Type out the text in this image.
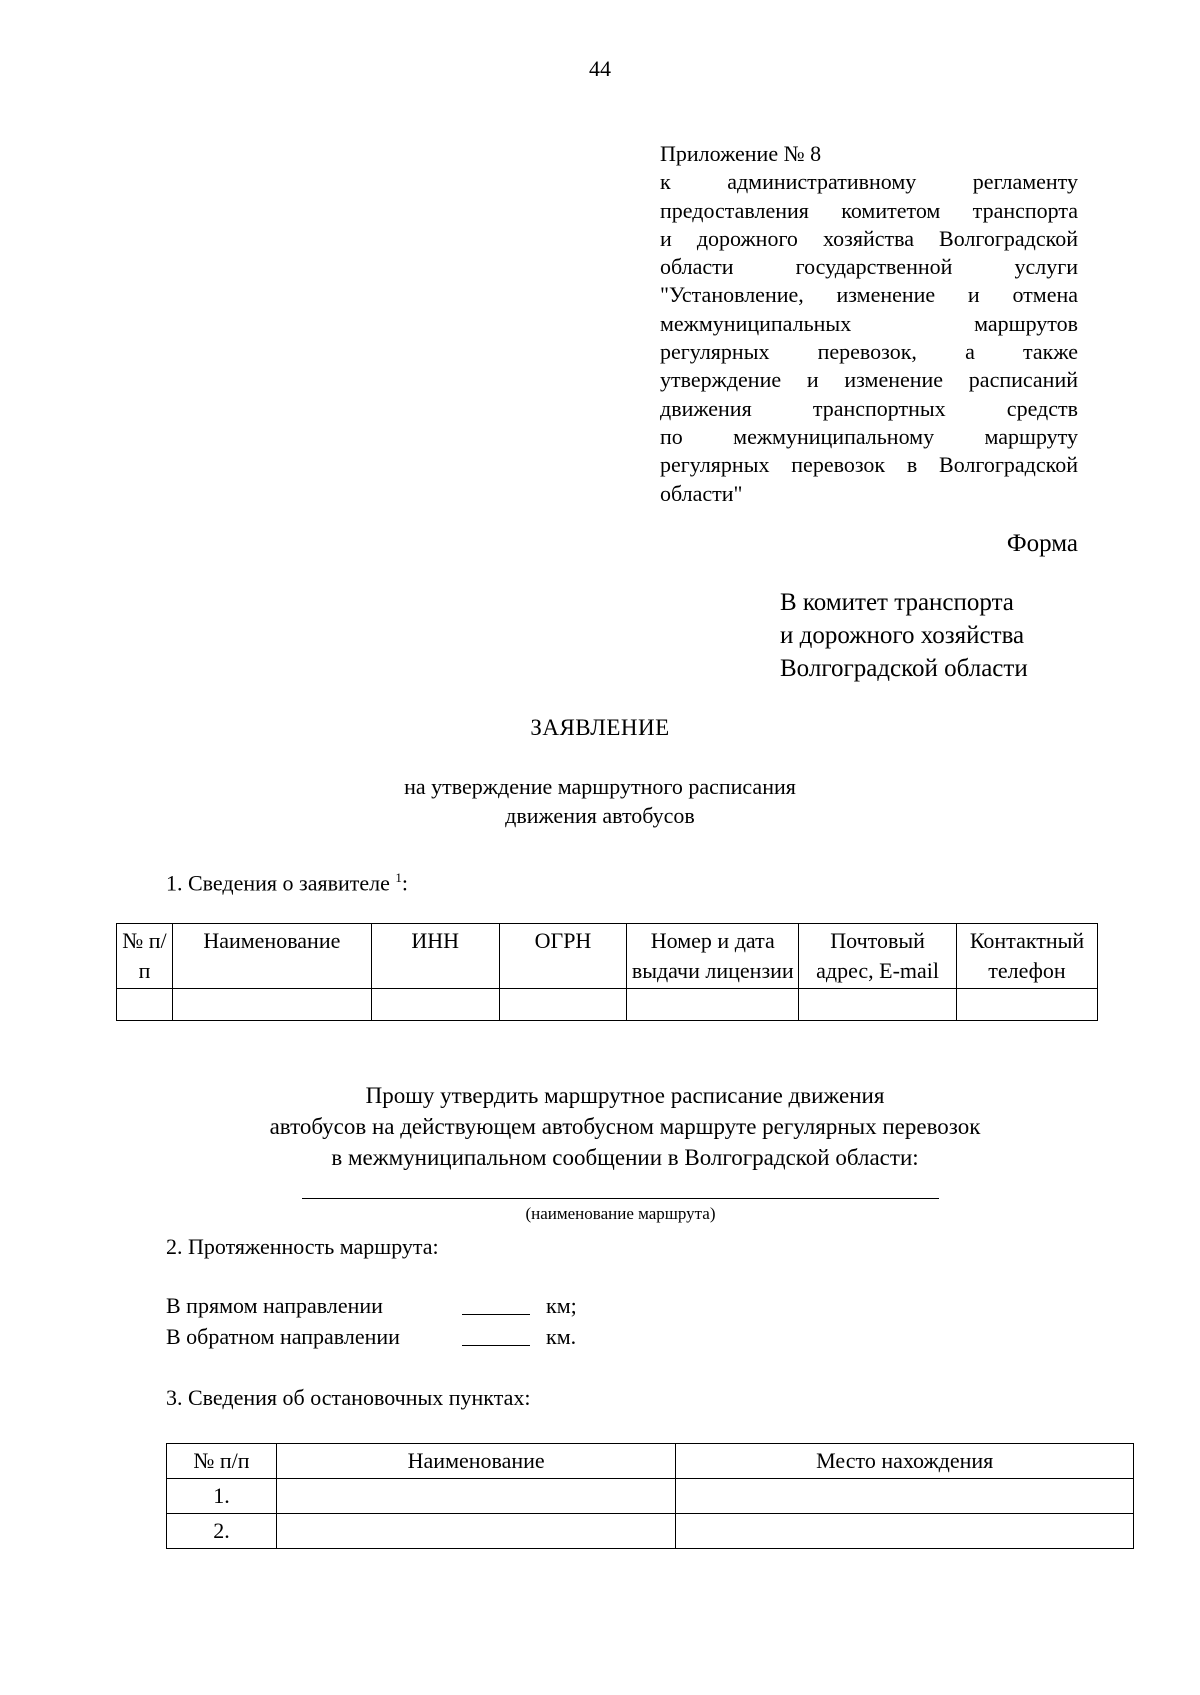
44
Приложение № 8
к административному регламенту
предоставления комитетом транспорта
и дорожного хозяйства Волгоградской
области государственной услуги
"Установление, изменение и отмена
межмуниципальных маршрутов
регулярных перевозок, а также
утверждение и изменение расписаний
движения транспортных средств
по межмуниципальному маршруту
регулярных перевозок в Волгоградской
области"
Форма
В комитет транспорта
и дорожного хозяйства
Волгоградской области
ЗАЯВЛЕНИЕ
на утверждение маршрутного расписания
движения автобусов
1. Сведения о заявителе $^1$:
№ п/п	Наименование	ИНН	ОГРН	Номер и дата выдачи лицензии	Почтовый адрес, E-mail	Контактный телефон

Прошу утвердить маршрутное расписание движения
автобусов на действующем автобусном маршруте регулярных перевозок
в межмуниципальном сообщении в Волгоградской области:
(наименование маршрута)
2. Протяженность маршрута:
В прямом направлении	км;
В обратном направлении	км.
3. Сведения об остановочных пунктах:
№ п/п	Наименование	Место нахождения
1.		
2.		
